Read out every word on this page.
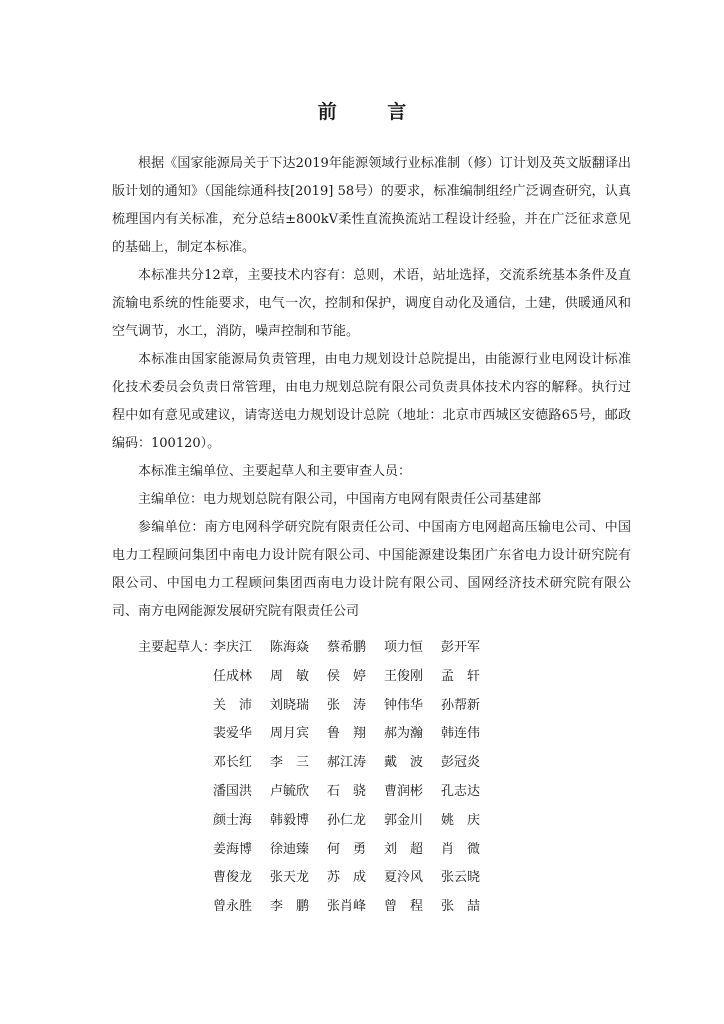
前 言

根据《国家能源局关于下达2019年能源领域行业标准制（修）订计划及英文版翻译出版计划的通知》（国能综通科技[2019] 58号）的要求，标准编制组经广泛调查研究，认真梳理国内有关标准，充分总结±800kV柔性直流换流站工程设计经验，并在广泛征求意见的基础上，制定本标准。

本标准共分12章，主要技术内容有：总则，术语，站址选择，交流系统基本条件及直流输电系统的性能要求，电气一次，控制和保护，调度自动化及通信，土建，供暖通风和空气调节，水工，消防，噪声控制和节能。

本标准由国家能源局负责管理，由电力规划设计总院提出，由能源行业电网设计标准化技术委员会负责日常管理，由电力规划总院有限公司负责具体技术内容的解释。执行过程中如有意见或建议，请寄送电力规划设计总院（地址：北京市西城区安德路65号，邮政编码：100120）。

本标准主编单位、主要起草人和主要审查人员：

主编单位：电力规划总院有限公司，中国南方电网有限责任公司基建部

参编单位：南方电网科学研究院有限责任公司、中国南方电网超高压输电公司、中国电力工程顾问集团中南电力设计院有限公司、中国能源建设集团广东省电力设计研究院有限公司、中国电力工程顾问集团西南电力设计院有限公司、国网经济技术研究院有限公司、南方电网能源发展研究院有限责任公司

主要起草人：
李庆江	陈海焱	蔡希鹏	项力恒	彭开军
任成林	周　敏	侯　婷	王俊刚	孟　轩
关　沛	刘晓瑞	张　涛	钟伟华	孙帮新
裴爱华	周月宾	鲁　翔	郝为瀚	韩连伟
邓长红	李　三	郝江涛	戴　波	彭冠炎
潘国洪	卢毓欣	石　骁	曹润彬	孔志达
颜士海	韩毅博	孙仁龙	郭金川	姚　庆
姜海博	徐迪臻	何　勇	刘　超	肖　微
曹俊龙	张天龙	苏　成	夏泠风	张云晓
曾永胜	李　鹏	张肖峰	曾　程	张　喆
